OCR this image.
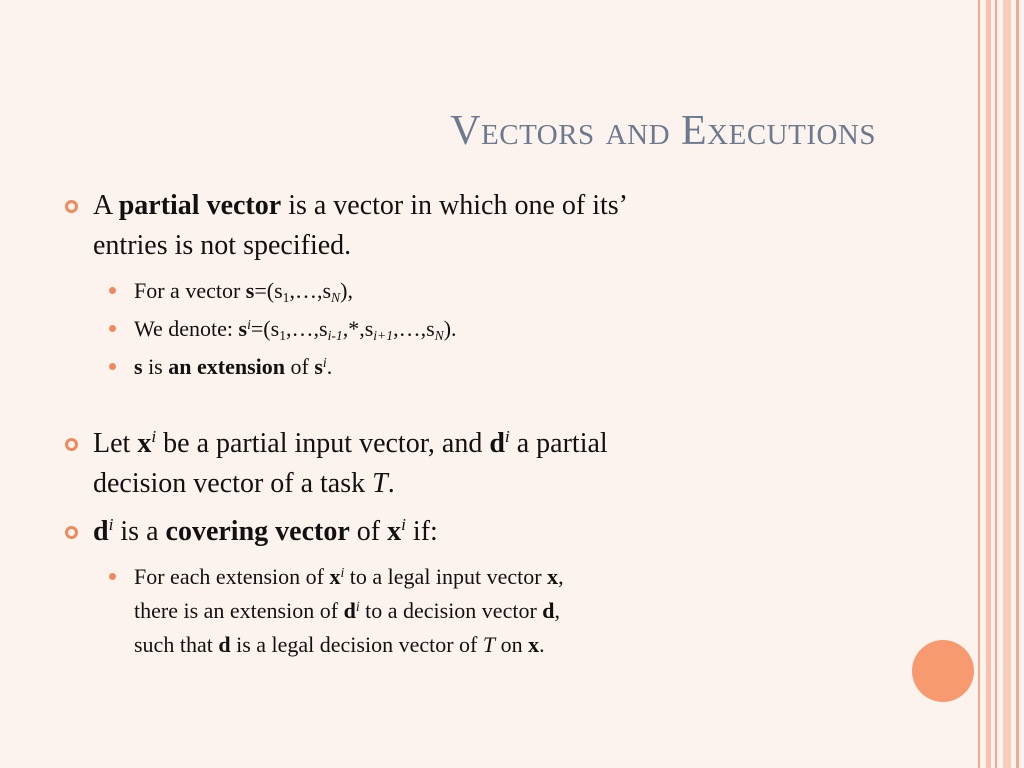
Vectors and Executions
A partial vector is a vector in which one of its’
entries is not specified.
For a vector $s=(s_1,\dots,s_N)$,
We denote: $s^i=(s_1,\dots,s_{i-1},*,s_{i+1},\dots,s_N)$.
s is an extension of $s^i$.
Let $x^i$ be a partial input vector, and $d^i$ a partial
decision vector of a task T.
$d^i$ is a covering vector of $x^i$ if:
For each extension of $x^i$ to a legal input vector x,
there is an extension of $d^i$ to a decision vector d,
such that d is a legal decision vector of T on x.
